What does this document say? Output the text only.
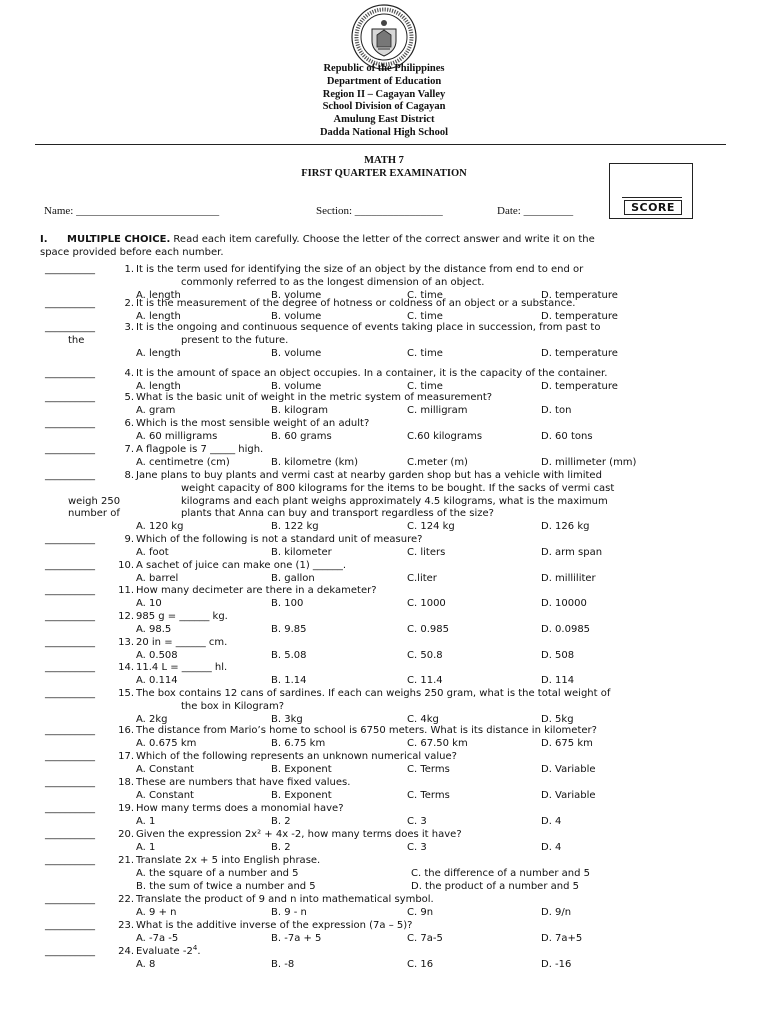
Republic of the Philippines
Department of Education
Region II – Cagayan Valley
School Division of Cagayan
Amulung East District
Dadda National High School
MATH 7
FIRST QUARTER EXAMINATION
SCORE
Name: __________________________	Section: ________________	Date: _________
I. MULTIPLE CHOICE. Read each item carefully. Choose the letter of the correct answer and write it on the
space provided before each number.
__________	1. It is the term used for identifying the size of an object by the distance from end to end or
commonly referred to as the longest dimension of an object.
A. length	B. volume	C. time	D. temperature
__________	2. It is the measurement of the degree of hotness or coldness of an object or a substance.
A. length	B. volume	C. time	D. temperature
__________	3. It is the ongoing and continuous sequence of events taking place in succession, from past to
present to the future.
the
A. length	B. volume	C. time	D. temperature
__________	4. It is the amount of space an object occupies. In a container, it is the capacity of the container.
A. length	B. volume	C. time	D. temperature
__________	5. What is the basic unit of weight in the metric system of measurement?
A. gram	B. kilogram	C. milligram	D. ton
__________	6. Which is the most sensible weight of an adult?
A. 60 milligrams	B. 60 grams	C.60 kilograms	D. 60 tons
__________	7. A flagpole is 7 _____ high.
A. centimetre (cm)	B. kilometre (km)	C.meter (m)	D. millimeter (mm)
__________	8. Jane plans to buy plants and vermi cast at nearby garden shop but has a vehicle with limited
weight capacity of 800 kilograms for the items to be bought. If the sacks of vermi cast
kilograms and each plant weighs approximately 4.5 kilograms, what is the maximum
plants that Anna can buy and transport regardless of the size?
weigh 250
number of
A. 120 kg	B. 122 kg	C. 124 kg	D. 126 kg
__________	9. Which of the following is not a standard unit of measure?
A. foot	B. kilometer	C. liters	D. arm span
__________ 10. A sachet of juice can make one (1) ______.
A. barrel	B. gallon	C.liter	D. milliliter
__________ 11. How many decimeter are there in a dekameter?
A. 10	B. 100	C. 1000	D. 10000
__________ 12. 985 g = ______ kg.
A. 98.5	B. 9.85	C. 0.985	D. 0.0985
__________ 13. 20 in = ______ cm.
A. 0.508	B. 5.08	C. 50.8	D. 508
__________ 14. 11.4 L = ______ hl.
A. 0.114	B. 1.14	C. 11.4	D. 114
__________ 15. The box contains 12 cans of sardines. If each can weighs 250 gram, what is the total weight of
the box in Kilogram?
A. 2kg	B. 3kg	C. 4kg	D. 5kg
__________ 16. The distance from Mario’s home to school is 6750 meters. What is its distance in kilometer?
A. 0.675 km	B. 6.75 km	C. 67.50 km	D. 675 km
__________ 17. Which of the following represents an unknown numerical value?
A. Constant	B. Exponent	C. Terms	D. Variable
__________ 18. These are numbers that have fixed values.
A. Constant	B. Exponent	C. Terms	D. Variable
__________ 19. How many terms does a monomial have?
A. 1	B. 2	C. 3	D. 4
__________ 20. Given the expression 2x² + 4x -2, how many terms does it have?
A. 1	B. 2	C. 3	D. 4
__________ 21. Translate 2x + 5 into English phrase.
A. the square of a number and 5	C. the difference of a number and 5
B. the sum of twice a number and 5	D. the product of a number and 5
__________ 22. Translate the product of 9 and n into mathematical symbol.
A. 9 + n	B. 9 - n	C. 9n	D. 9/n
__________ 23. What is the additive inverse of the expression (7a – 5)?
A. -7a -5	B. -7a + 5	C. 7a-5	D. 7a+5
__________ 24. Evaluate $-2^4$.
A. 8	B. -8	C. 16	D. -16
